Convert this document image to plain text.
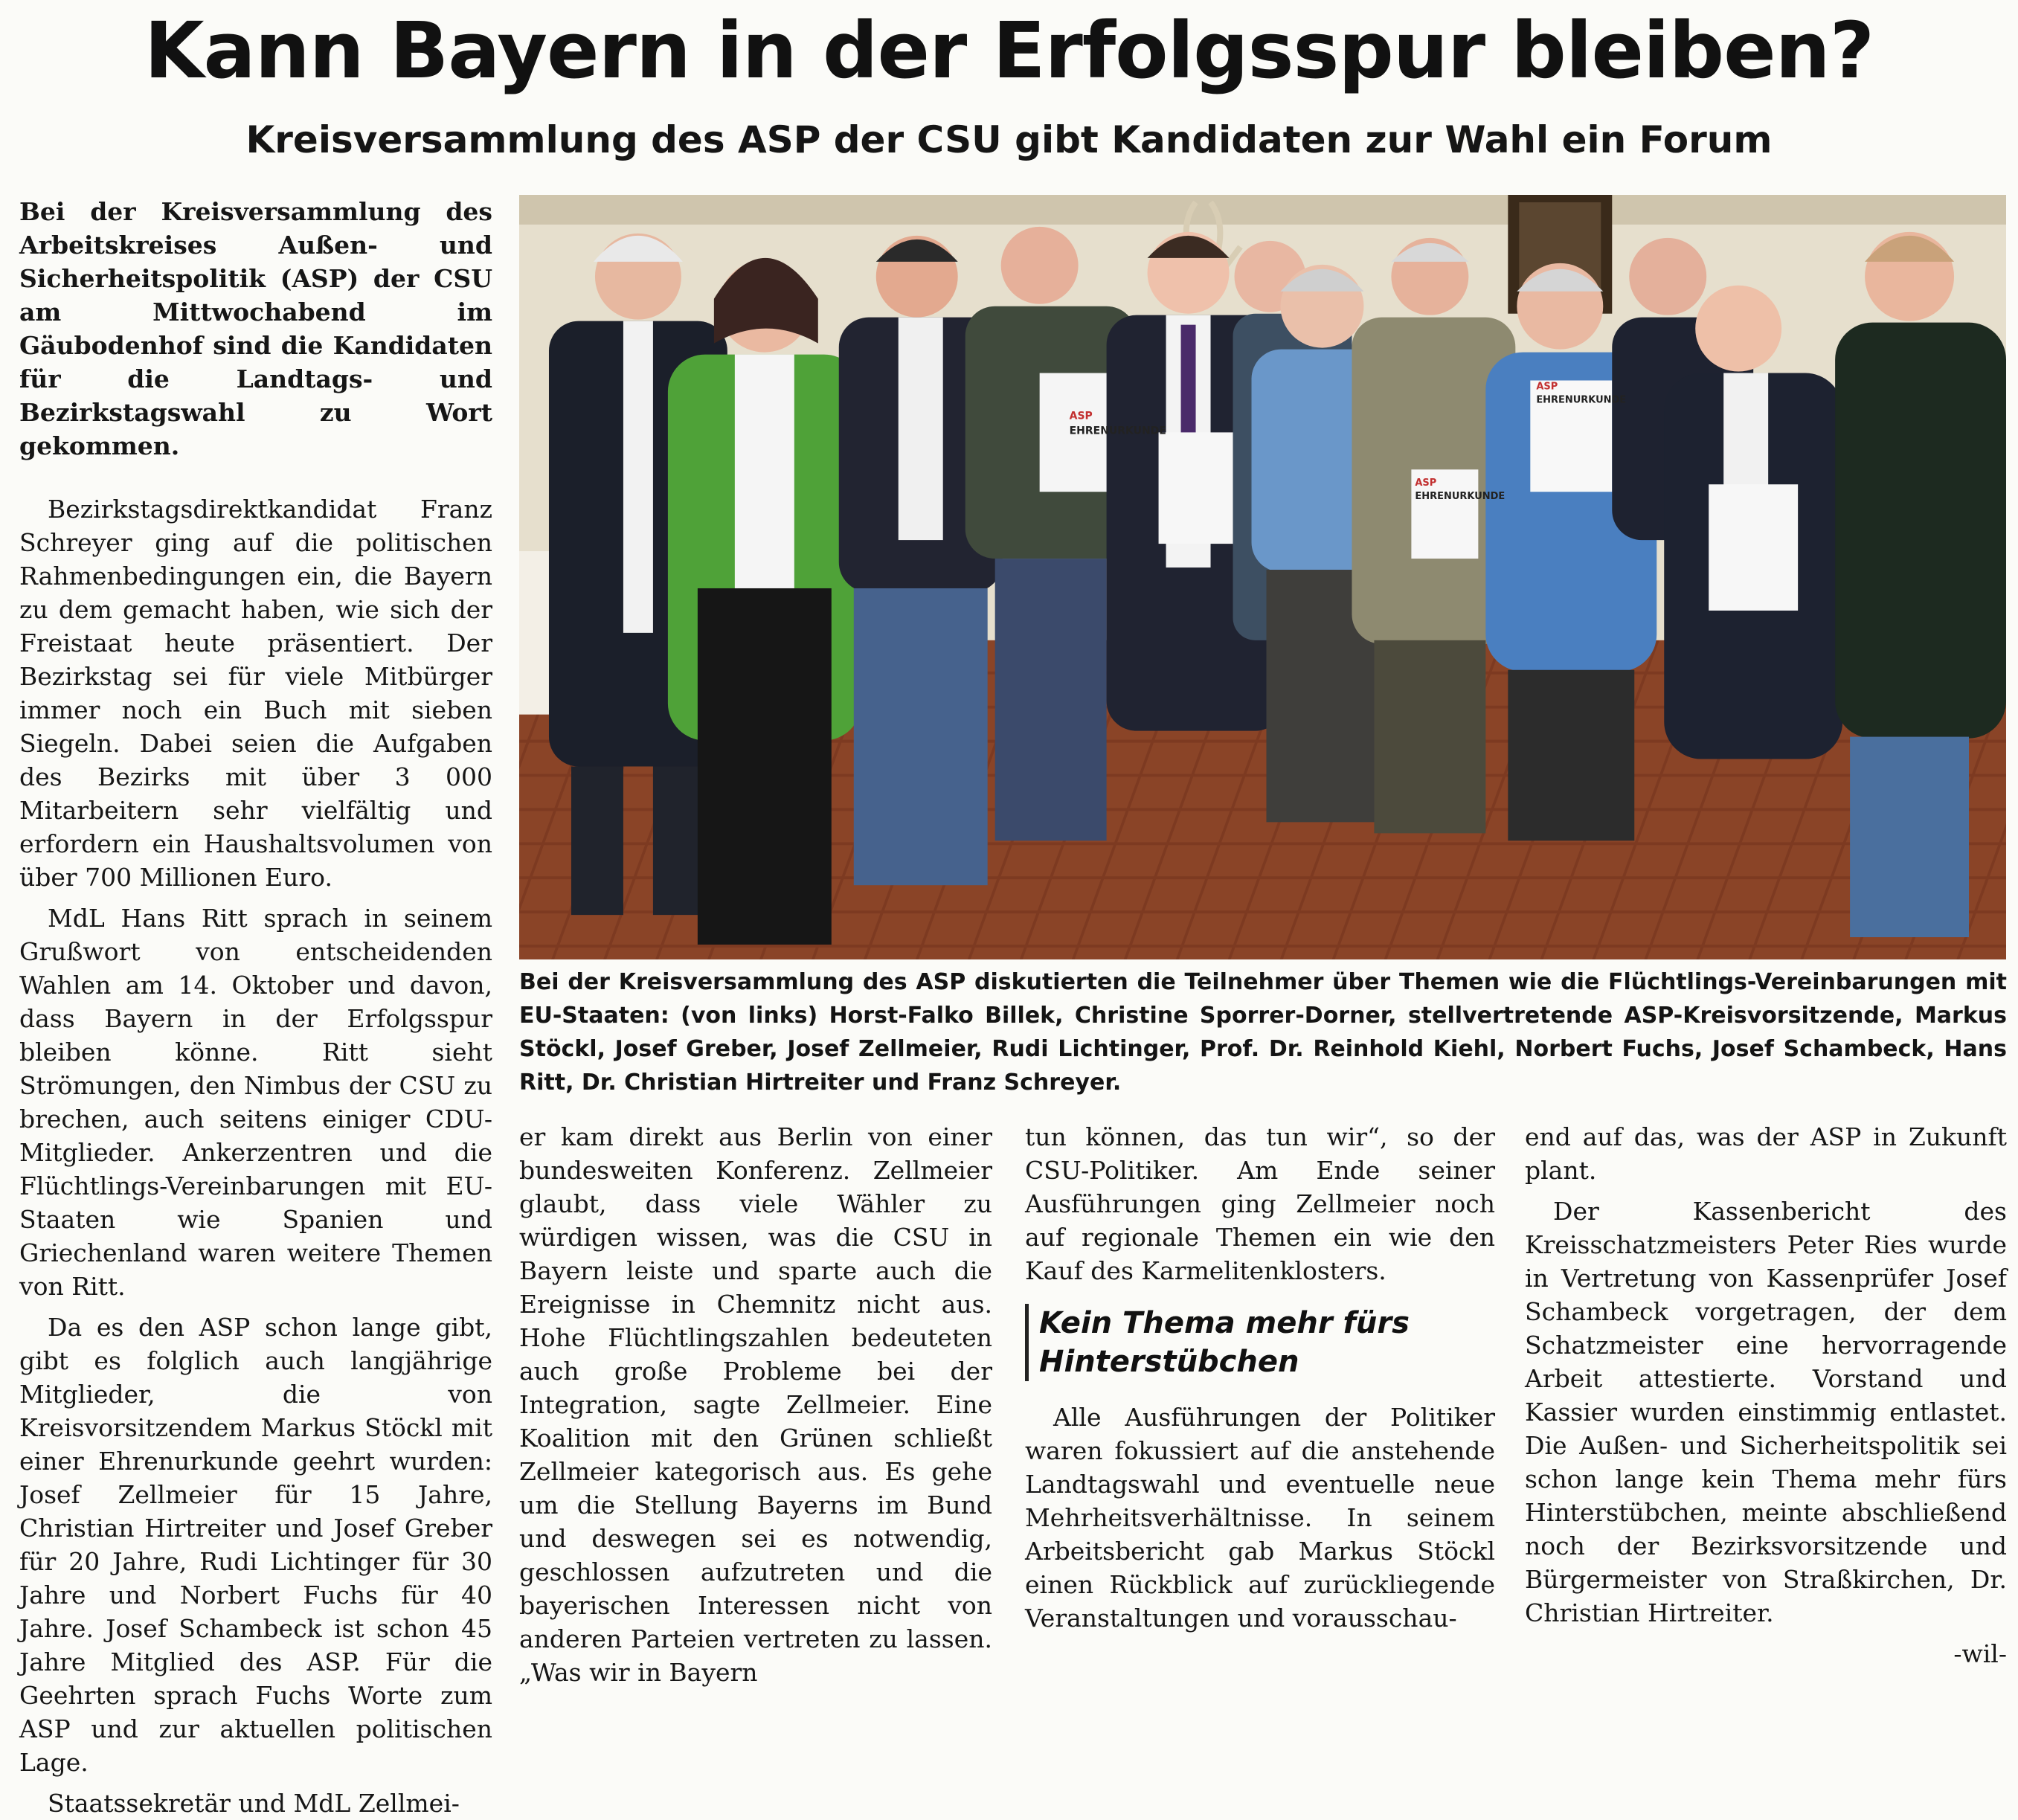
Kann Bayern in der Erfolgsspur bleiben?
Kreisversammlung des ASP der CSU gibt Kandidaten zur Wahl ein Forum

Bei der Kreisversammlung des Arbeitskreises Außen- und Sicherheitspolitik (ASP) der CSU am Mittwochabend im Gäubodenhof sind die Kandidaten für die Landtags- und Bezirkstagswahl zu Wort gekommen.

Bezirkstagsdirektkandidat Franz Schreyer ging auf die politischen Rahmenbedingungen ein, die Bayern zu dem gemacht haben, wie sich der Freistaat heute präsentiert. Der Bezirkstag sei für viele Mitbürger immer noch ein Buch mit sieben Siegeln. Dabei seien die Aufgaben des Bezirks mit über 3 000 Mitarbeitern sehr vielfältig und erfordern ein Haushaltsvolumen von über 700 Millionen Euro.

MdL Hans Ritt sprach in seinem Grußwort von entscheidenden Wahlen am 14. Oktober und davon, dass Bayern in der Erfolgsspur bleiben könne. Ritt sieht Strömungen, den Nimbus der CSU zu brechen, auch seitens einiger CDU-Mitglieder. Ankerzentren und die Flüchtlings-Vereinbarungen mit EU-Staaten wie Spanien und Griechenland waren weitere Themen von Ritt.

Da es den ASP schon lange gibt, gibt es folglich auch langjährige Mitglieder, die von Kreisvorsitzendem Markus Stöckl mit einer Ehrenurkunde geehrt wurden: Josef Zellmeier für 15 Jahre, Christian Hirtreiter und Josef Greber für 20 Jahre, Rudi Lichtinger für 30 Jahre und Norbert Fuchs für 40 Jahre. Josef Schambeck ist schon 45 Jahre Mitglied des ASP. Für die Geehrten sprach Fuchs Worte zum ASP und zur aktuellen politischen Lage.

Staatssekretär und MdL Zellmei-

ASP
EHRENURKUNDE
ASP
EHRENURKUNDE
ASP
EHRENURKUNDE
Bei der Kreisversammlung des ASP diskutierten die Teilnehmer über Themen wie die Flüchtlings-Vereinbarungen mit EU-Staaten: (von links) Horst-Falko Billek, Christine Sporrer-Dorner, stellvertretende ASP-Kreisvorsitzende, Markus Stöckl, Josef Greber, Josef Zellmeier, Rudi Lichtinger, Prof. Dr. Reinhold Kiehl, Norbert Fuchs, Josef Schambeck, Hans Ritt, Dr. Christian Hirtreiter und Franz Schreyer.

er kam direkt aus Berlin von einer bundesweiten Konferenz. Zellmeier glaubt, dass viele Wähler zu würdigen wissen, was die CSU in Bayern leiste und sparte auch die Ereignisse in Chemnitz nicht aus. Hohe Flüchtlingszahlen bedeuteten auch große Probleme bei der Integration, sagte Zellmeier. Eine Koalition mit den Grünen schließt Zellmeier kategorisch aus. Es gehe um die Stellung Bayerns im Bund und deswegen sei es notwendig, geschlossen aufzutreten und die bayerischen Interessen nicht von anderen Parteien vertreten zu lassen. „Was wir in Bayern

tun können, das tun wir“, so der CSU-Politiker. Am Ende seiner Ausführungen ging Zellmeier noch auf regionale Themen ein wie den Kauf des Karmelitenklosters.

Kein Thema mehr fürs Hinterstübchen

Alle Ausführungen der Politiker waren fokussiert auf die anstehende Landtagswahl und eventuelle neue Mehrheitsverhältnisse. In seinem Arbeitsbericht gab Markus Stöckl einen Rückblick auf zurückliegende Veranstaltungen und vorausschau-

end auf das, was der ASP in Zukunft plant.

Der Kassenbericht des Kreisschatzmeisters Peter Ries wurde in Vertretung von Kassenprüfer Josef Schambeck vorgetragen, der dem Schatzmeister eine hervorragende Arbeit attestierte. Vorstand und Kassier wurden einstimmig entlastet. Die Außen- und Sicherheitspolitik sei schon lange kein Thema mehr fürs Hinterstübchen, meinte abschließend noch der Bezirksvorsitzende und Bürgermeister von Straßkirchen, Dr. Christian Hirtreiter.

-wil-
